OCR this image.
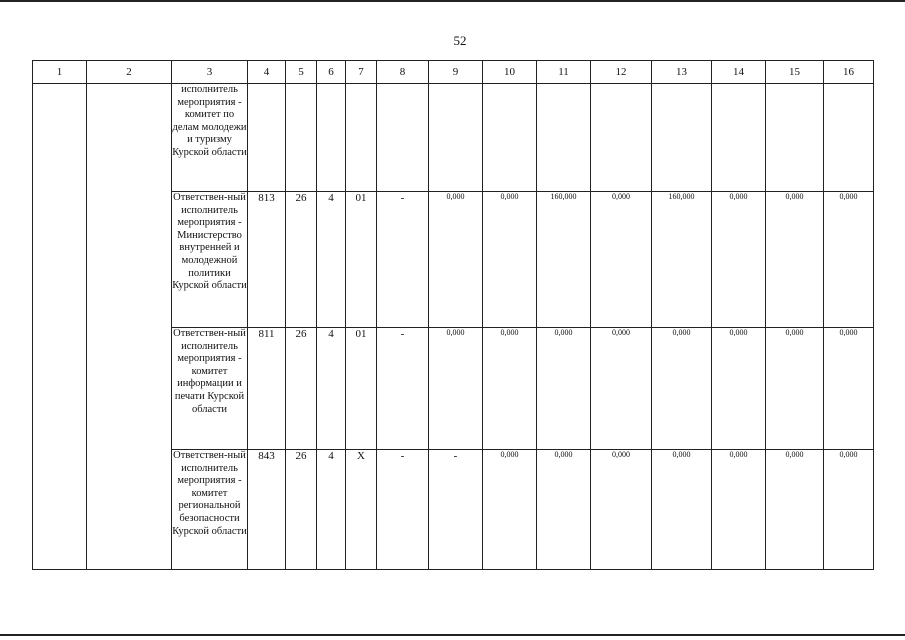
52
1	2	3	4	5	6	7	8	9	10	11	12	13	14	15	16
		исполнитель мероприятия - комитет по делам молодежи и туризму Курской области													
		Ответствен-ный исполнитель мероприятия - Министерство внутренней и молодежной политики Курской области	813	26	4	01	-	0,000	0,000	160,000	0,000	160,000	0,000	0,000	0,000
		Ответствен-ный исполнитель мероприятия - комитет информации и печати Курской области	811	26	4	01	-	0,000	0,000	0,000	0,000	0,000	0,000	0,000	0,000
		Ответствен-ный исполнитель мероприятия - комитет региональной безопасности Курской области	843	26	4	X	-	-	0,000	0,000	0,000	0,000	0,000	0,000	0,000
